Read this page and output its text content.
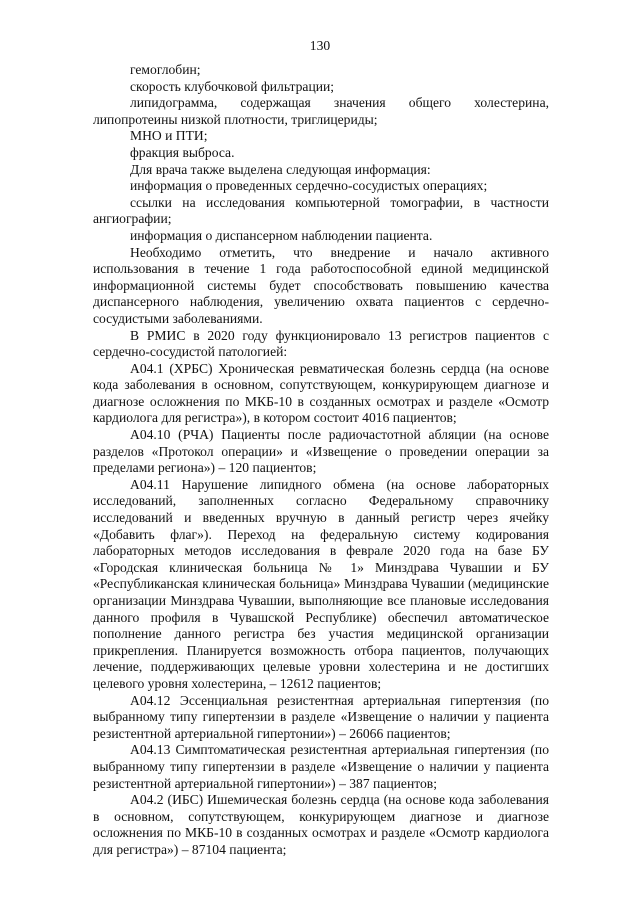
130

гемоглобин;

скорость клубочковой фильтрации;

липидограмма, содержащая значения общего холестерина, липопротеины низкой плотности, триглицериды;

МНО и ПТИ;

фракция выброса.

Для врача также выделена следующая информация:

информация о проведенных сердечно-сосудистых операциях;

ссылки на исследования компьютерной томографии, в частности ангиографии;

информация о диспансерном наблюдении пациента.

Необходимо отметить, что внедрение и начало активного использования в течение 1 года работоспособной единой медицинской информационной системы будет способствовать повышению качества диспансерного наблюдения, увеличению охвата пациентов с сердечно-сосудистыми заболеваниями.

В РМИС в 2020 году функционировало 13 регистров пациентов с сердечно-сосудистой патологией:

А04.1 (ХРБС) Хроническая ревматическая болезнь сердца (на основе кода заболевания в основном, сопутствующем, конкурирующем диагнозе и диагнозе осложнения по МКБ-10 в созданных осмотрах и разделе «Осмотр кардиолога для регистра»), в котором состоит 4016 пациентов;

А04.10 (РЧА) Пациенты после радиочастотной абляции (на основе разделов «Протокол операции» и «Извещение о проведении операции за пределами региона») – 120 пациентов;

А04.11 Нарушение липидного обмена (на основе лабораторных исследований, заполненных согласно Федеральному справочнику исследований и введенных вручную в данный регистр через ячейку «Добавить флаг»). Переход на федеральную систему кодирования лабораторных методов исследования в феврале 2020 года на базе БУ «Городская клиническая больница № 1» Минздрава Чувашии и БУ «Республиканская клиническая больница» Минздрава Чувашии (медицинские организации Минздрава Чувашии, выполняющие все плановые исследования данного профиля в Чувашской Республике) обеспечил автоматическое пополнение данного регистра без участия медицинской организации прикрепления. Планируется возможность отбора пациентов, получающих лечение, поддерживающих целевые уровни холестерина и не достигших целевого уровня холестерина, – 12612 пациентов;

А04.12 Эссенциальная резистентная артериальная гипертензия (по выбранному типу гипертензии в разделе «Извещение о наличии у пациента резистентной артериальной гипертонии») – 26066 пациентов;

А04.13 Симптоматическая резистентная артериальная гипертензия (по выбранному типу гипертензии в разделе «Извещение о наличии у пациента резистентной артериальной гипертонии») – 387 пациентов;

А04.2 (ИБС) Ишемическая болезнь сердца (на основе кода заболевания в основном, сопутствующем, конкурирующем диагнозе и диагнозе осложнения по МКБ-10 в созданных осмотрах и разделе «Осмотр кардиолога для регистра») – 87104 пациента;
